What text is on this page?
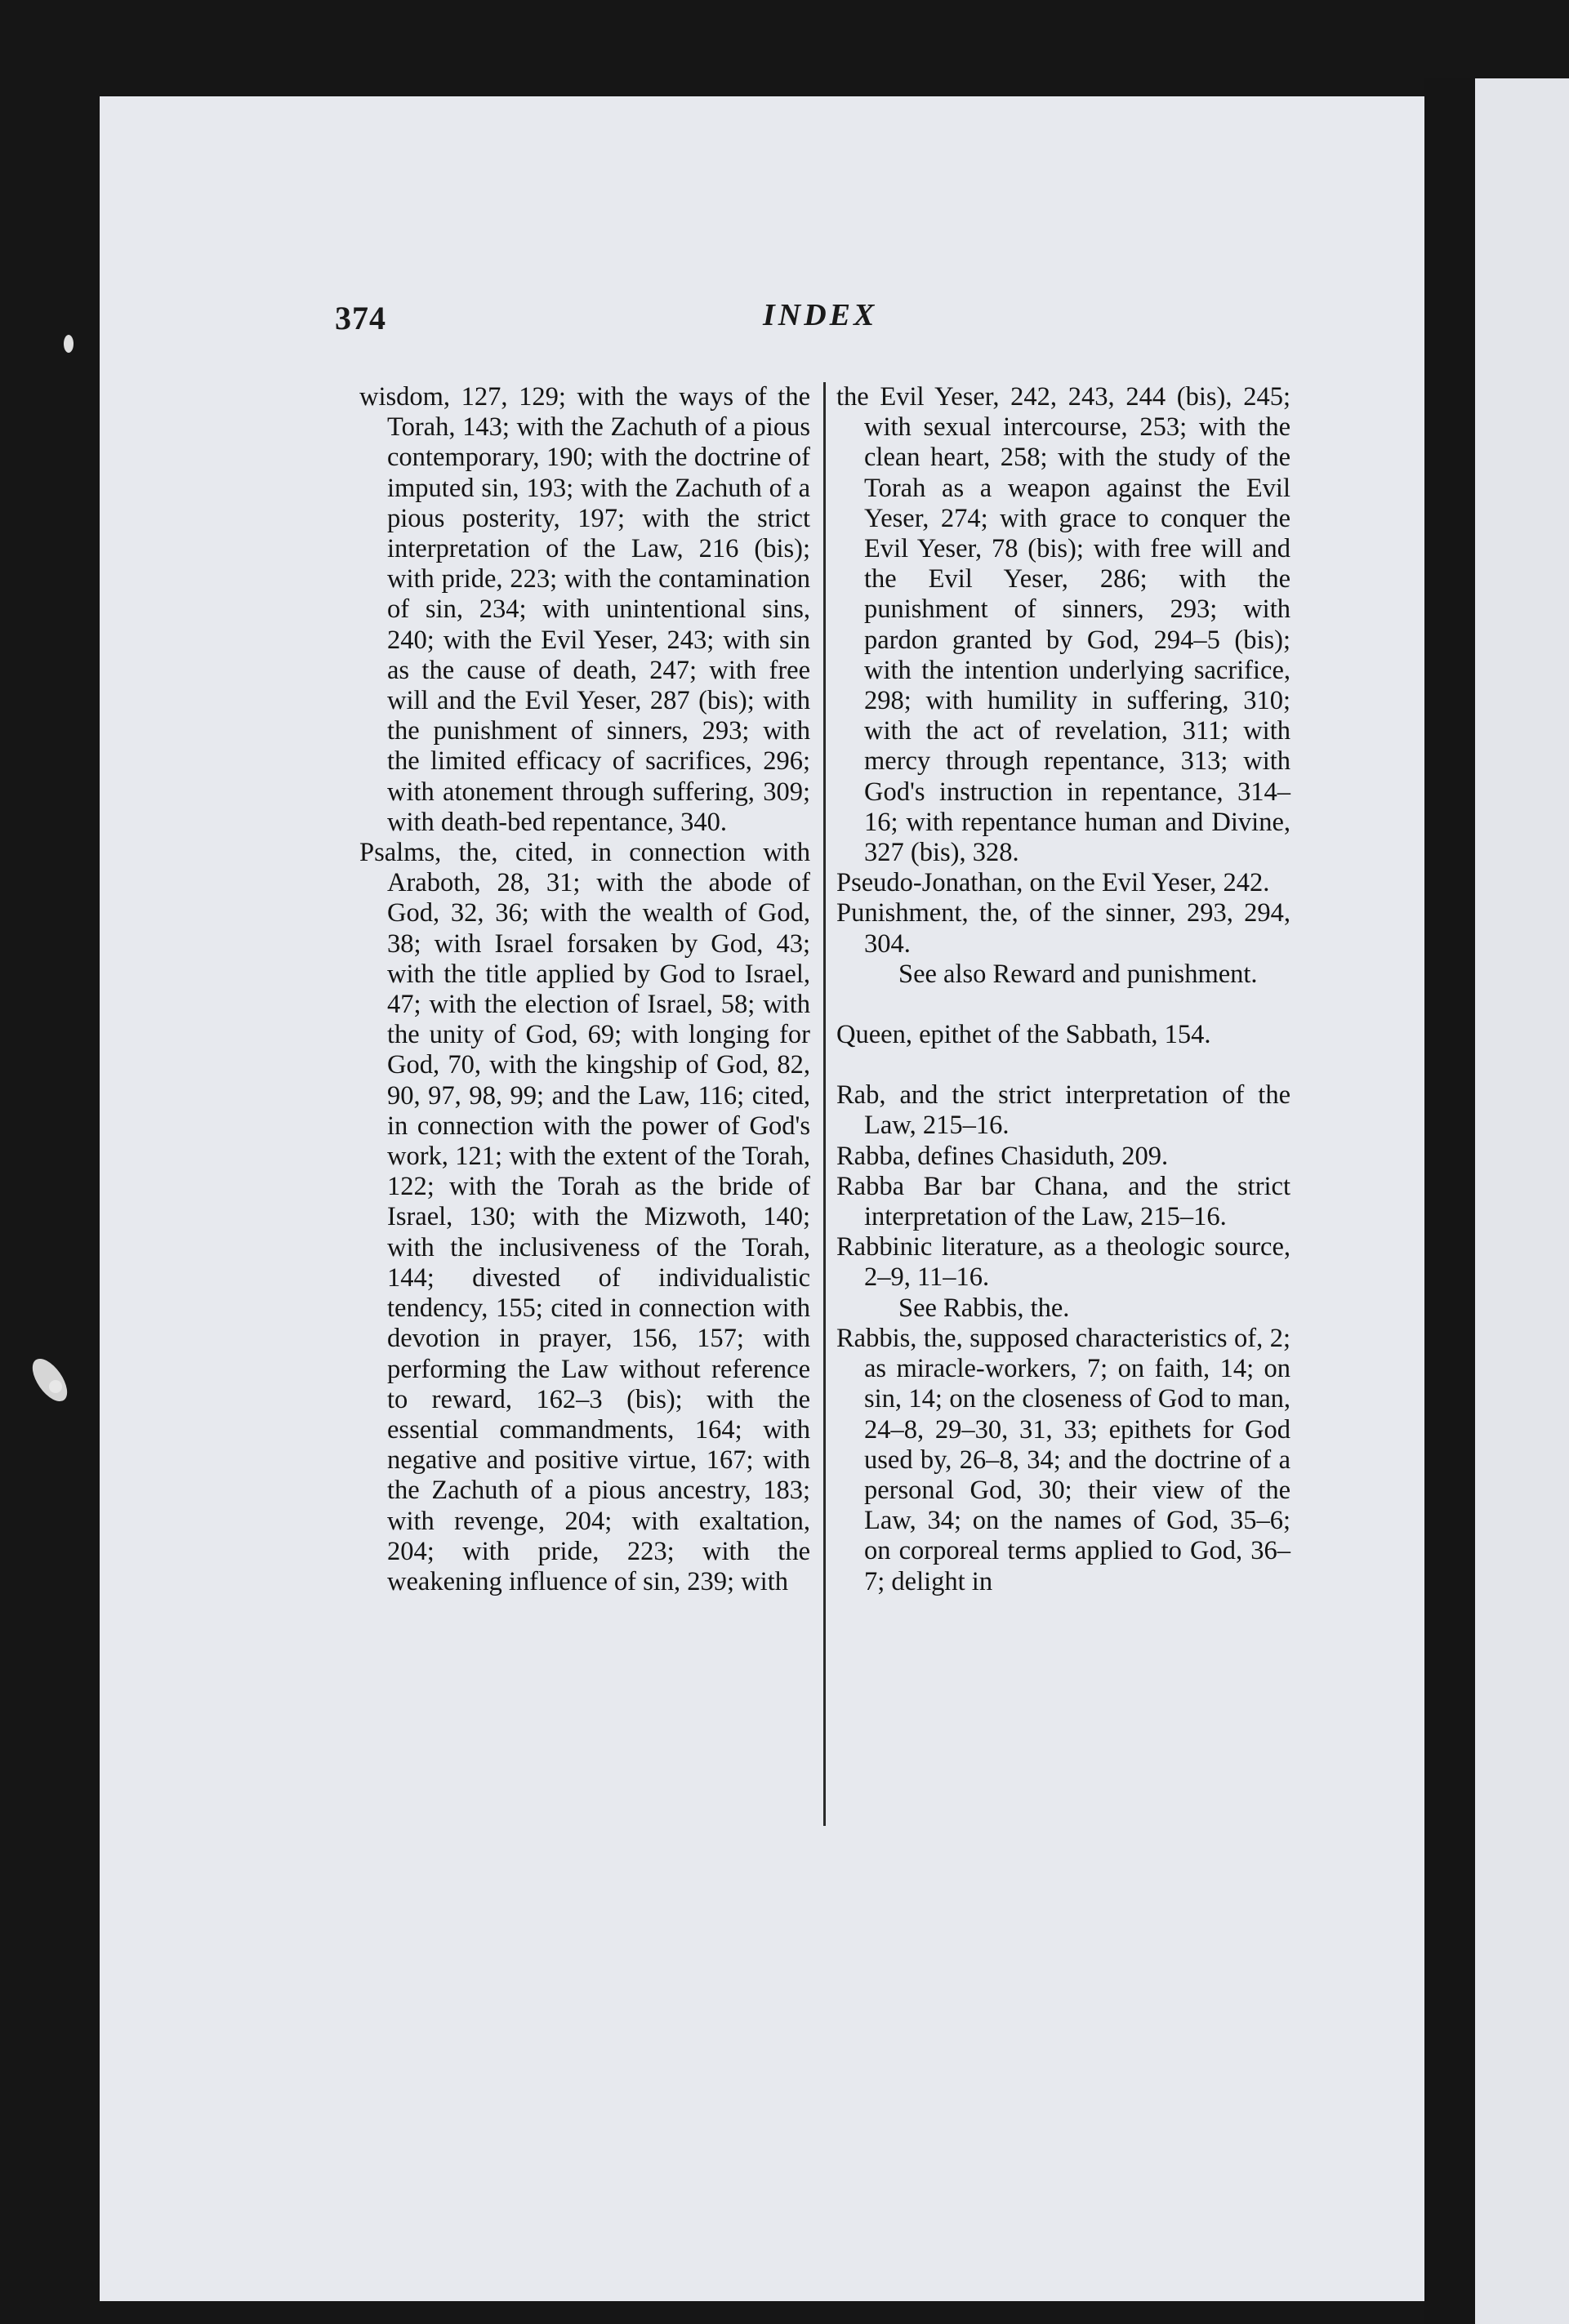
374	INDEX

wisdom, 127, 129; with the ways of the Torah, 143; with the Zachuth of a pious contemporary, 190; with the doctrine of imputed sin, 193; with the Zachuth of a pious posterity, 197; with the strict interpretation of the Law, 216 (bis); with pride, 223; with the contamination of sin, 234; with unintentional sins, 240; with the Evil Yeser, 243; with sin as the cause of death, 247; with free will and the Evil Yeser, 287 (bis); with the punishment of sinners, 293; with the limited efficacy of sacrifices, 296; with atonement through suffering, 309; with death-bed repentance, 340.

Psalms, the, cited, in connection with Araboth, 28, 31; with the abode of God, 32, 36; with the wealth of God, 38; with Israel forsaken by God, 43; with the title applied by God to Israel, 47; with the election of Israel, 58; with the unity of God, 69; with longing for God, 70, with the kingship of God, 82, 90, 97, 98, 99; and the Law, 116; cited, in connection with the power of God's work, 121; with the extent of the Torah, 122; with the Torah as the bride of Israel, 130; with the Mizwoth, 140; with the inclusiveness of the Torah, 144; divested of individualistic tendency, 155; cited in connection with devotion in prayer, 156, 157; with performing the Law without reference to reward, 162–3 (bis); with the essential commandments, 164; with negative and positive virtue, 167; with the Zachuth of a pious ancestry, 183; with revenge, 204; with exaltation, 204; with pride, 223; with the weakening influence of sin, 239; with

the Evil Yeser, 242, 243, 244 (bis), 245; with sexual intercourse, 253; with the clean heart, 258; with the study of the Torah as a weapon against the Evil Yeser, 274; with grace to conquer the Evil Yeser, 78 (bis); with free will and the Evil Yeser, 286; with the punishment of sinners, 293; with pardon granted by God, 294–5 (bis); with the intention underlying sacrifice, 298; with humility in suffering, 310; with the act of revelation, 311; with mercy through repentance, 313; with God's instruction in repentance, 314–16; with repentance human and Divine, 327 (bis), 328.

Pseudo-Jonathan, on the Evil Yeser, 242.

Punishment, the, of the sinner, 293, 294, 304.

See also Reward and punishment.

Queen, epithet of the Sabbath, 154.

Rab, and the strict interpretation of the Law, 215–16.

Rabba, defines Chasiduth, 209.

Rabba Bar bar Chana, and the strict interpretation of the Law, 215–16.

Rabbinic literature, as a theologic source, 2–9, 11–16.

See Rabbis, the.

Rabbis, the, supposed characteristics of, 2; as miracle-workers, 7; on faith, 14; on sin, 14; on the closeness of God to man, 24–8, 29–30, 31, 33; epithets for God used by, 26–8, 34; and the doctrine of a personal God, 30; their view of the Law, 34; on the names of God, 35–6; on corporeal terms applied to God, 36–7; delight in
